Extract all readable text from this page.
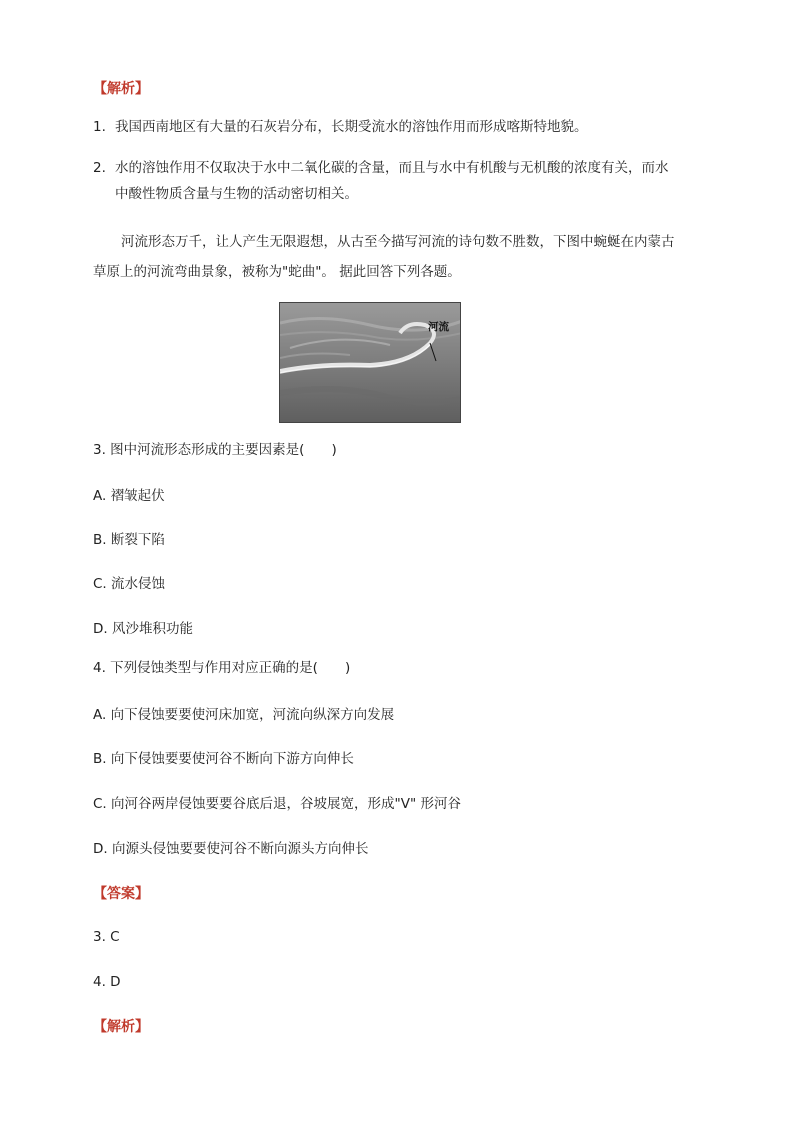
【解析】
1. 我国西南地区有大量的石灰岩分布，长期受流水的溶蚀作用而形成喀斯特地貌。
2. 水的溶蚀作用不仅取决于水中二氧化碳的含量，而且与水中有机酸与无机酸的浓度有关，而水
中酸性物质含量与生物的活动密切相关。
河流形态万千，让人产生无限遐想，从古至今描写河流的诗句数不胜数，下图中蜿蜒在内蒙古
草原上的河流弯曲景象，被称为"蛇曲"。 据此回答下列各题。
河流
3. 图中河流形态形成的主要因素是(　　)
A. 褶皱起伏
B. 断裂下陷
C. 流水侵蚀
D. 风沙堆积功能
4. 下列侵蚀类型与作用对应正确的是(　　)
A. 向下侵蚀要要使河床加宽，河流向纵深方向发展
B. 向下侵蚀要要使河谷不断向下游方向伸长
C. 向河谷两岸侵蚀要要谷底后退，谷坡展宽，形成"V" 形河谷
D. 向源头侵蚀要要使河谷不断向源头方向伸长
【答案】
3. C
4. D
【解析】
